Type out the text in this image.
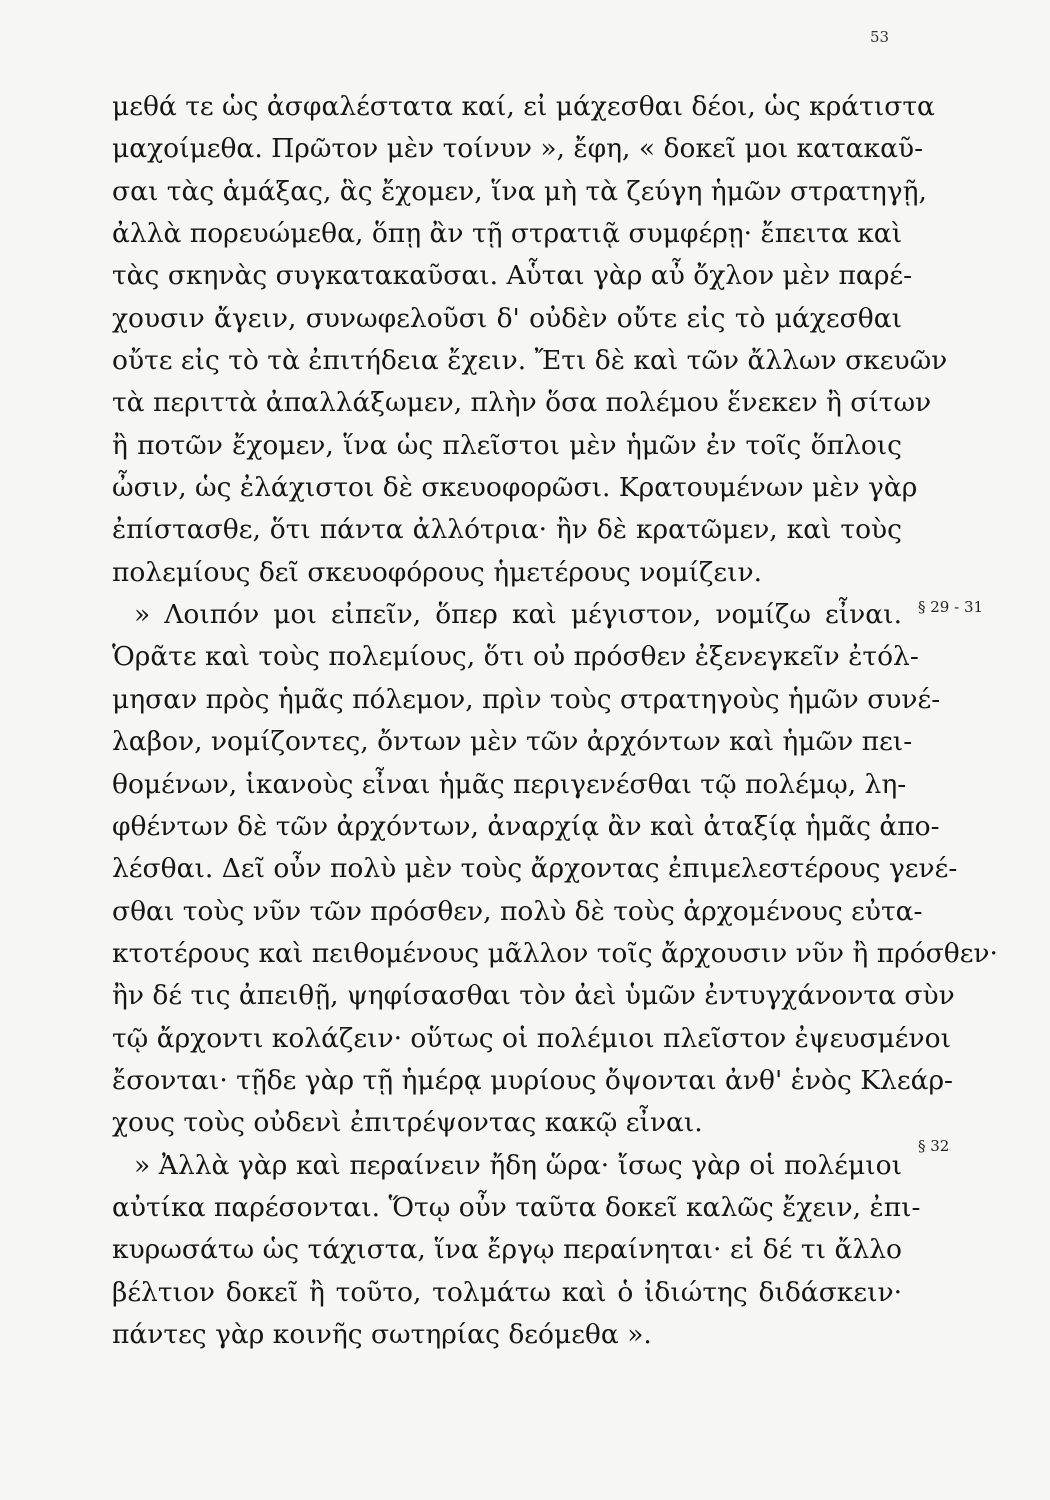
53
μεθά τε ὡς ἀσφαλέστατα καί, εἰ μάχεσθαι δέοι, ὡς κράτιστα
μαχοίμεθα. Πρῶτον μὲν τοίνυν », ἔφη, « δοκεῖ μοι κατακαῦ-
σαι τὰς ἁμάξας, ἃς ἔχομεν, ἵνα μὴ τὰ ζεύγη ἡμῶν στρατηγῇ,
ἀλλὰ πορευώμεθα, ὅπῃ ἂν τῇ στρατιᾷ συμφέρῃ· ἔπειτα καὶ
τὰς σκηνὰς συγκατακαῦσαι. Αὗται γὰρ αὖ ὄχλον μὲν παρέ-
χουσιν ἄγειν, συνωφελοῦσι δ' οὐδὲν οὔτε εἰς τὸ μάχεσθαι
οὔτε εἰς τὸ τὰ ἐπιτήδεια ἔχειν. Ἔτι δὲ καὶ τῶν ἄλλων σκευῶν
τὰ περιττὰ ἀπαλλάξωμεν, πλὴν ὅσα πολέμου ἕνεκεν ἢ σίτων
ἢ ποτῶν ἔχομεν, ἵνα ὡς πλεῖστοι μὲν ἡμῶν ἐν τοῖς ὅπλοις
ὦσιν, ὡς ἐλάχιστοι δὲ σκευοφορῶσι. Κρατουμένων μὲν γὰρ
ἐπίστασθε, ὅτι πάντα ἀλλότρια· ἢν δὲ κρατῶμεν, καὶ τοὺς
πολεμίους δεῖ σκευοφόρους ἡμετέρους νομίζειν.
» Λοιπόν μοι εἰπεῖν, ὅπερ καὶ μέγιστον, νομίζω εἶναι.
Ὁρᾶτε καὶ τοὺς πολεμίους, ὅτι οὐ πρόσθεν ἐξενεγκεῖν ἐτόλ-
μησαν πρὸς ἡμᾶς πόλεμον, πρὶν τοὺς στρατηγοὺς ἡμῶν συνέ-
λαβον, νομίζοντες, ὄντων μὲν τῶν ἀρχόντων καὶ ἡμῶν πει-
θομένων, ἱκανοὺς εἶναι ἡμᾶς περιγενέσθαι τῷ πολέμῳ, λη-
φθέντων δὲ τῶν ἀρχόντων, ἀναρχίᾳ ἂν καὶ ἀταξίᾳ ἡμᾶς ἀπο-
λέσθαι. Δεῖ οὖν πολὺ μὲν τοὺς ἄρχοντας ἐπιμελεστέρους γενέ-
σθαι τοὺς νῦν τῶν πρόσθεν, πολὺ δὲ τοὺς ἀρχομένους εὐτα-
κτοτέρους καὶ πειθομένους μᾶλλον τοῖς ἄρχουσιν νῦν ἢ πρόσθεν·
ἢν δέ τις ἀπειθῇ, ψηφίσασθαι τὸν ἀεὶ ὑμῶν ἐντυγχάνοντα σὺν
τῷ ἄρχοντι κολάζειν· οὕτως οἱ πολέμιοι πλεῖστον ἐψευσμένοι
ἔσονται· τῇδε γὰρ τῇ ἡμέρᾳ μυρίους ὄψονται ἀνθ' ἑνὸς Κλεάρ-
χους τοὺς οὐδενὶ ἐπιτρέψοντας κακῷ εἶναι.
» Ἀλλὰ γὰρ καὶ περαίνειν ἤδη ὥρα· ἴσως γὰρ οἱ πολέμιοι
αὐτίκα παρέσονται. Ὅτῳ οὖν ταῦτα δοκεῖ καλῶς ἔχειν, ἐπι-
κυρωσάτω ὡς τάχιστα, ἵνα ἔργῳ περαίνηται· εἰ δέ τι ἄλλο
βέλτιον δοκεῖ ἢ τοῦτο, τολμάτω καὶ ὁ ἰδιώτης διδάσκειν·
πάντες γὰρ κοινῆς σωτηρίας δεόμεθα ».
§ 29 - 31
§ 32
